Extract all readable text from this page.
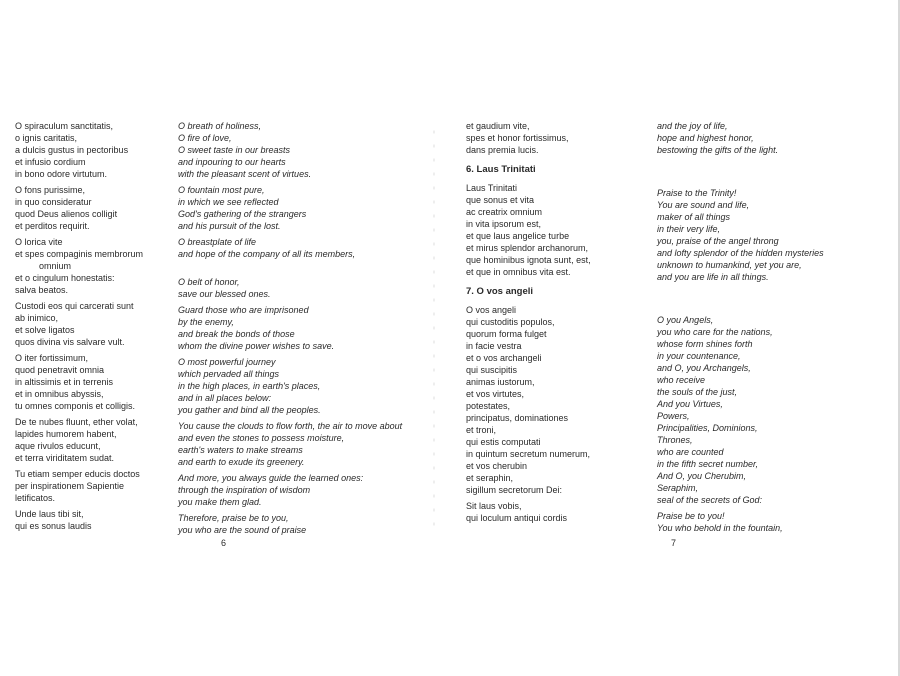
O spiraculum sanctitatis,
o ignis caritatis,
a dulcis gustus in pectoribus
et infusio cordium
in bono odore virtutum.
O fons purissime,
in quo consideratur
quod Deus alienos colligit
et perditos requirit.
O lorica vite
et spes compaginis membrorum
omnium
et o cingulum honestatis:
salva beatos.
Custodi eos qui carcerati sunt
ab inimico,
et solve ligatos
quos divina vis salvare vult.
O iter fortissimum,
quod penetravit omnia
in altissimis et in terrenis
et in omnibus abyssis,
tu omnes componis et colligis.
De te nubes fluunt, ether volat,
lapides humorem habent,
aque rivulos educunt,
et terra viriditatem sudat.
Tu etiam semper educis doctos
per inspirationem Sapientie
letificatos.
Unde laus tibi sit,
qui es sonus laudis
O breath of holiness,
O fire of love,
O sweet taste in our breasts
and inpouring to our hearts
with the pleasant scent of virtues.
O fountain most pure,
in which we see reflected
God's gathering of the strangers
and his pursuit of the lost.
O breastplate of life
and hope of the company of all its members,
O belt of honor,
save our blessed ones.
Guard those who are imprisoned
by the enemy,
and break the bonds of those
whom the divine power wishes to save.
O most powerful journey
which pervaded all things
in the high places, in earth's places,
and in all places below:
you gather and bind all the peoples.
You cause the clouds to flow forth, the air to move about
and even the stones to possess moisture,
earth's waters to make streams
and earth to exude its greenery.
And more, you always guide the learned ones:
through the inspiration of wisdom
you make them glad.
Therefore, praise be to you,
you who are the sound of praise
6
et gaudium vite,
spes et honor fortissimus,
dans premia lucis.
6. Laus Trinitati
Laus Trinitati
que sonus et vita
ac creatrix omnium
in vita ipsorum est,
et que laus angelice turbe
et mirus splendor archanorum,
que hominibus ignota sunt, est,
et que in omnibus vita est.
7. O vos angeli
O vos angeli
qui custoditis populos,
quorum forma fulget
in facie vestra
et o vos archangeli
qui suscipitis
animas iustorum,
et vos virtutes,
potestates,
principatus, dominationes
et troni,
qui estis computati
in quintum secretum numerum,
et vos cherubin
et seraphin,
sigillum secretorum Dei:
Sit laus vobis,
qui loculum antiqui cordis
and the joy of life,
hope and highest honor,
bestowing the gifts of the light.
Praise to the Trinity!
You are sound and life,
maker of all things
in their very life,
you, praise of the angel throng
and lofty splendor of the hidden mysteries
unknown to humankind, yet you are,
and you are life in all things.
O you Angels,
you who care for the nations,
whose form shines forth
in your countenance,
and O, you Archangels,
who receive
the souls of the just,
And you Virtues,
Powers,
Principalities, Dominions,
Thrones,
who are counted
in the fifth secret number,
And O, you Cherubim,
Seraphim,
seal of the secrets of God:
Praise be to you!
You who behold in the fountain,
7
